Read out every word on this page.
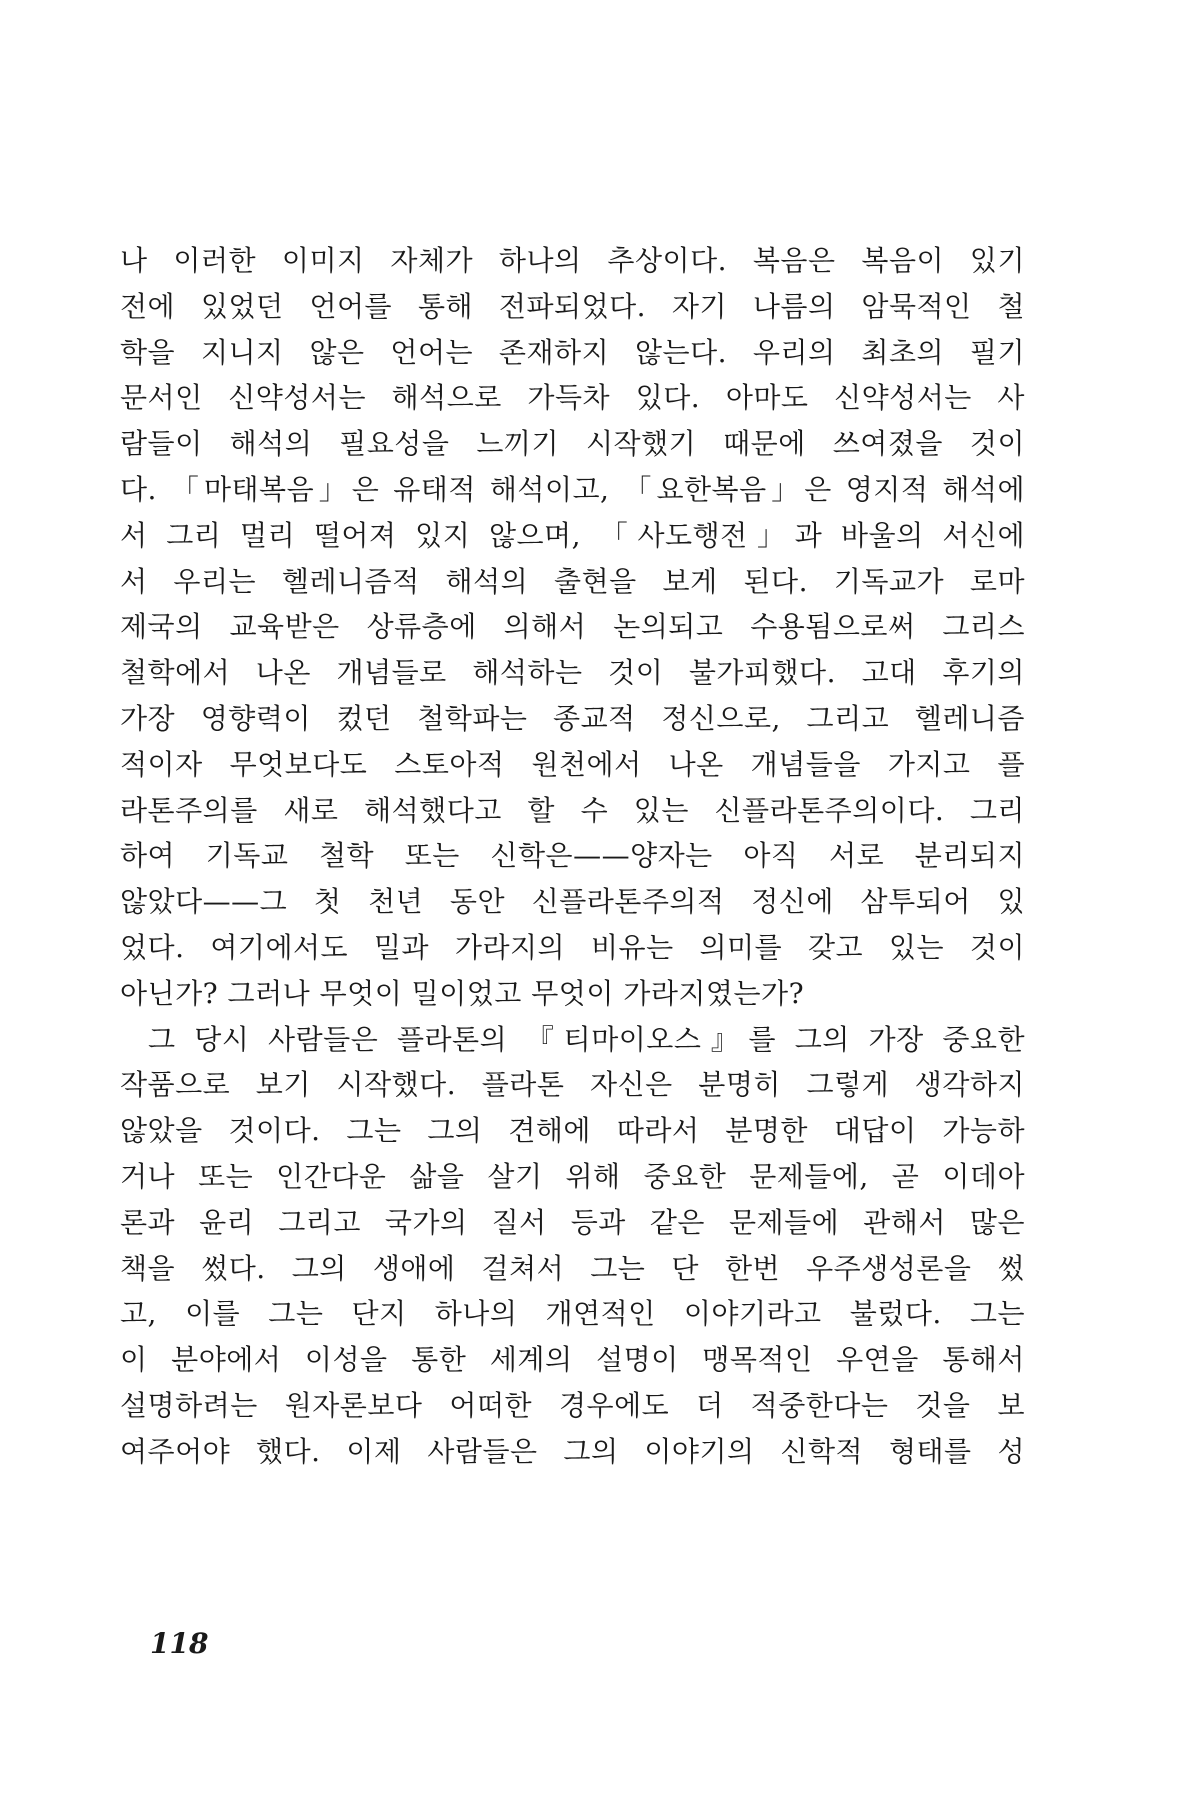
나 이러한 이미지 자체가 하나의 추상이다. 복음은 복음이 있기
전에 있었던 언어를 통해 전파되었다. 자기 나름의 암묵적인 철
학을 지니지 않은 언어는 존재하지 않는다. 우리의 최초의 필기
문서인 신약성서는 해석으로 가득차 있다. 아마도 신약성서는 사
람들이 해석의 필요성을 느끼기 시작했기 때문에 쓰여졌을 것이
다. 「마태복음」은 유태적 해석이고, 「요한복음」은 영지적 해석에
서 그리 멀리 떨어져 있지 않으며, 「사도행전」과 바울의 서신에
서 우리는 헬레니즘적 해석의 출현을 보게 된다. 기독교가 로마
제국의 교육받은 상류층에 의해서 논의되고 수용됨으로써 그리스
철학에서 나온 개념들로 해석하는 것이 불가피했다. 고대 후기의
가장 영향력이 컸던 철학파는 종교적 정신으로, 그리고 헬레니즘
적이자 무엇보다도 스토아적 원천에서 나온 개념들을 가지고 플
라톤주의를 새로 해석했다고 할 수 있는 신플라톤주의이다. 그리
하여 기독교 철학 또는 신학은——양자는 아직 서로 분리되지
않았다——그 첫 천년 동안 신플라톤주의적 정신에 삼투되어 있
었다. 여기에서도 밀과 가라지의 비유는 의미를 갖고 있는 것이
아닌가? 그러나 무엇이 밀이었고 무엇이 가라지였는가?
그 당시 사람들은 플라톤의 『티마이오스』를 그의 가장 중요한
작품으로 보기 시작했다. 플라톤 자신은 분명히 그렇게 생각하지
않았을 것이다. 그는 그의 견해에 따라서 분명한 대답이 가능하
거나 또는 인간다운 삶을 살기 위해 중요한 문제들에, 곧 이데아
론과 윤리 그리고 국가의 질서 등과 같은 문제들에 관해서 많은
책을 썼다. 그의 생애에 걸쳐서 그는 단 한번 우주생성론을 썼
고, 이를 그는 단지 하나의 개연적인 이야기라고 불렀다. 그는
이 분야에서 이성을 통한 세계의 설명이 맹목적인 우연을 통해서
설명하려는 원자론보다 어떠한 경우에도 더 적중한다는 것을 보
여주어야 했다. 이제 사람들은 그의 이야기의 신학적 형태를 성
118
